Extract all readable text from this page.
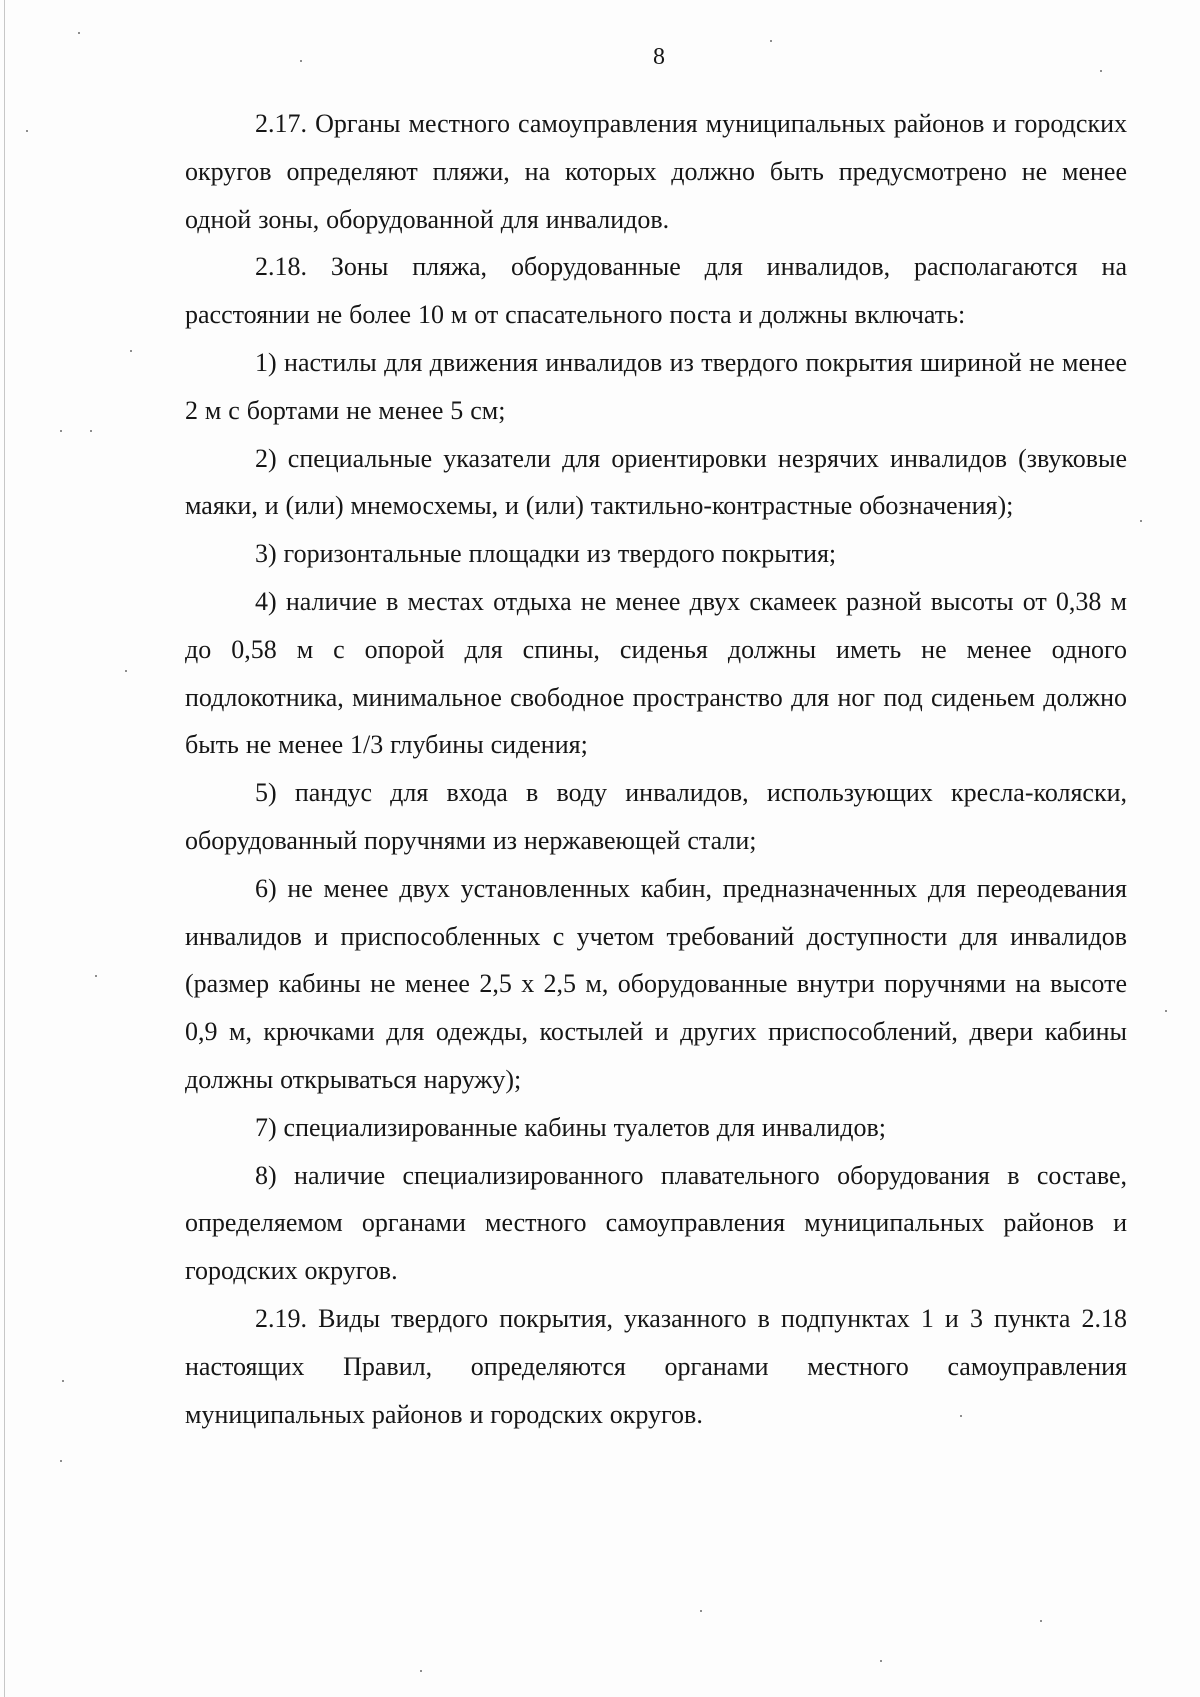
8

2.17. Органы местного самоуправления муниципальных районов и городских округов определяют пляжи, на которых должно быть предусмотрено не менее одной зоны, оборудованной для инвалидов.

2.18. Зоны пляжа, оборудованные для инвалидов, располагаются на расстоянии не более 10 м от спасательного поста и должны включать:

1) настилы для движения инвалидов из твердого покрытия шириной не менее 2 м с бортами не менее 5 см;

2) специальные указатели для ориентировки незрячих инвалидов (звуковые маяки, и (или) мнемосхемы, и (или) тактильно-контрастные обозначения);

3) горизонтальные площадки из твердого покрытия;

4) наличие в местах отдыха не менее двух скамеек разной высоты от 0,38 м до 0,58 м с опорой для спины, сиденья должны иметь не менее одного подлокотника, минимальное свободное пространство для ног под сиденьем должно быть не менее 1/3 глубины сидения;

5) пандус для входа в воду инвалидов, использующих кресла-коляски, оборудованный поручнями из нержавеющей стали;

6) не менее двух установленных кабин, предназначенных для переодевания инвалидов и приспособленных с учетом требований доступности для инвалидов (размер кабины не менее 2,5 х 2,5 м, оборудованные внутри поручнями на высоте 0,9 м, крючками для одежды, костылей и других приспособлений, двери кабины должны открываться наружу);

7) специализированные кабины туалетов для инвалидов;

8) наличие специализированного плавательного оборудования в составе, определяемом органами местного самоуправления муниципальных районов и городских округов.

2.19. Виды твердого покрытия, указанного в подпунктах 1 и 3 пункта 2.18 настоящих Правил, определяются органами местного самоуправления муниципальных районов и городских округов.
